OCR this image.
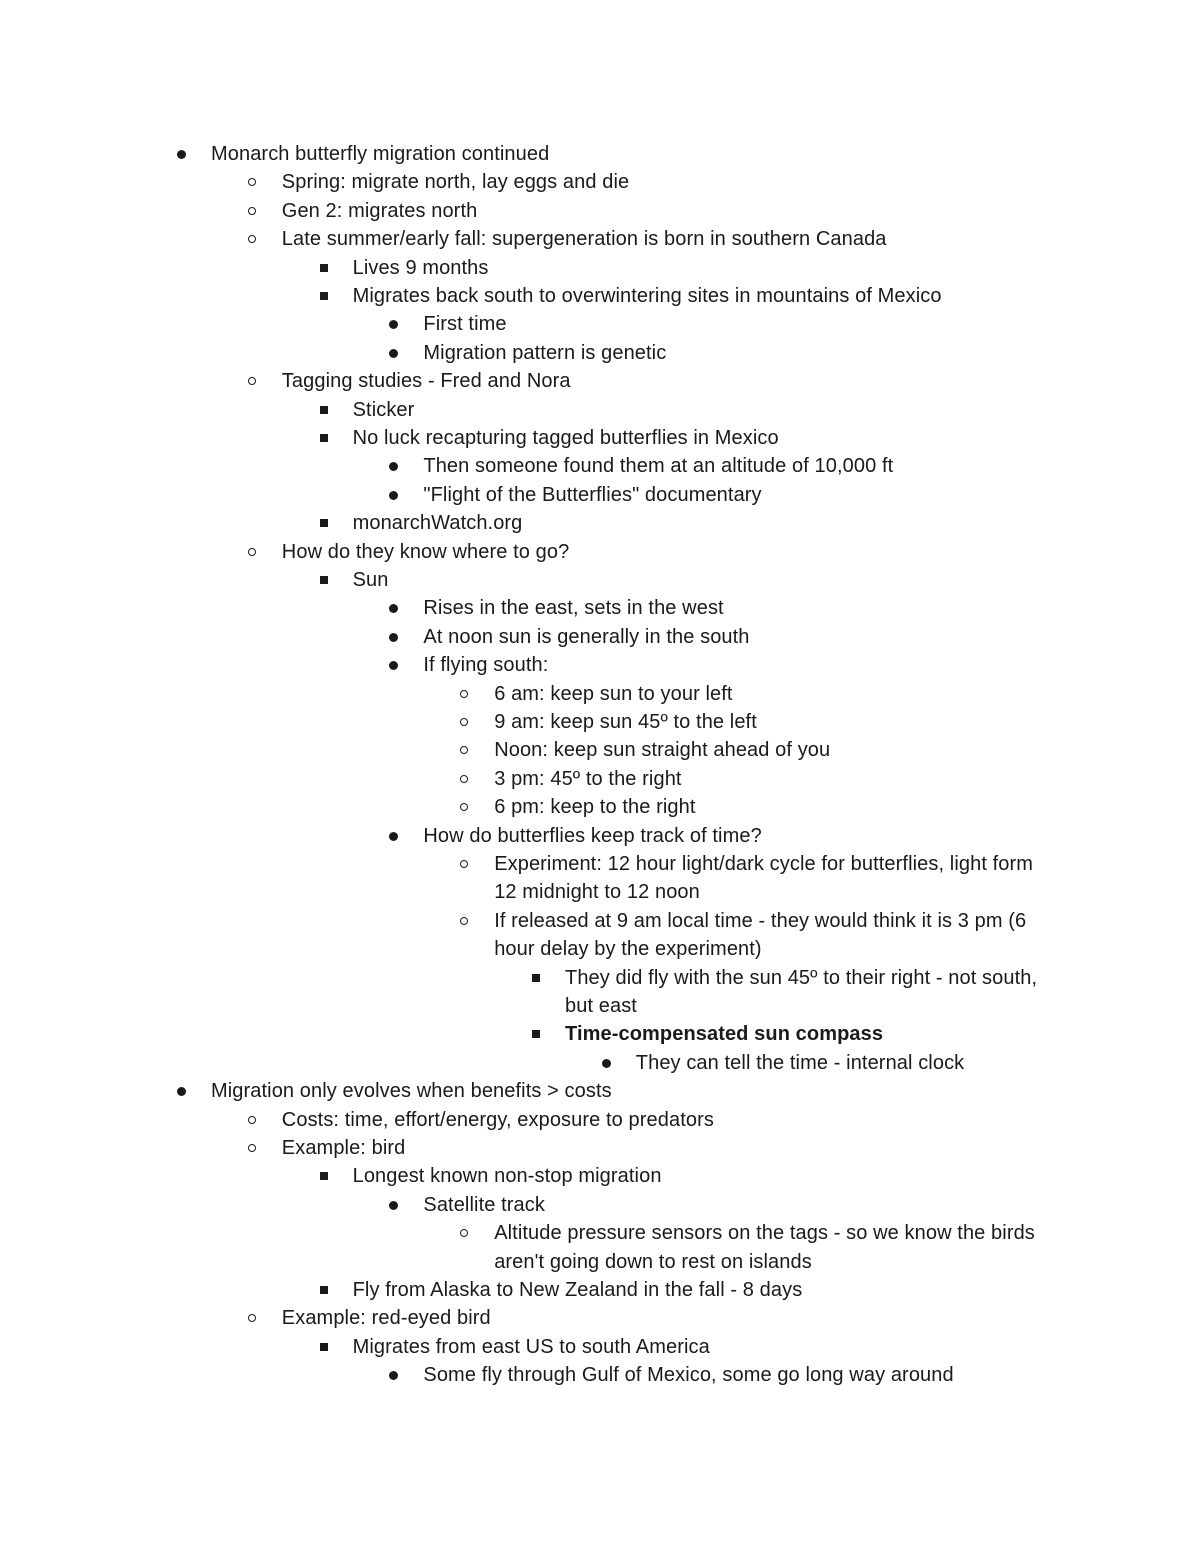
Monarch butterfly migration continued
Spring: migrate north, lay eggs and die
Gen 2: migrates north
Late summer/early fall: supergeneration is born in southern Canada
Lives 9 months
Migrates back south to overwintering sites in mountains of Mexico
First time
Migration pattern is genetic
Tagging studies - Fred and Nora
Sticker
No luck recapturing tagged butterflies in Mexico
Then someone found them at an altitude of 10,000 ft
"Flight of the Butterflies" documentary
monarchWatch.org
How do they know where to go?
Sun
Rises in the east, sets in the west
At noon sun is generally in the south
If flying south:
6 am: keep sun to your left
9 am: keep sun 45º to the left
Noon: keep sun straight ahead of you
3 pm: 45º to the right
6 pm: keep to the right
How do butterflies keep track of time?
Experiment: 12 hour light/dark cycle for butterflies, light form 12 midnight to 12 noon
If released at 9 am local time - they would think it is 3 pm (6 hour delay by the experiment)
They did fly with the sun 45º to their right - not south, but east
Time-compensated sun compass
They can tell the time - internal clock
Migration only evolves when benefits > costs
Costs: time, effort/energy, exposure to predators
Example: bird
Longest known non-stop migration
Satellite track
Altitude pressure sensors on the tags - so we know the birds aren't going down to rest on islands
Fly from Alaska to New Zealand in the fall - 8 days
Example: red-eyed bird
Migrates from east US to south America
Some fly through Gulf of Mexico, some go long way around
